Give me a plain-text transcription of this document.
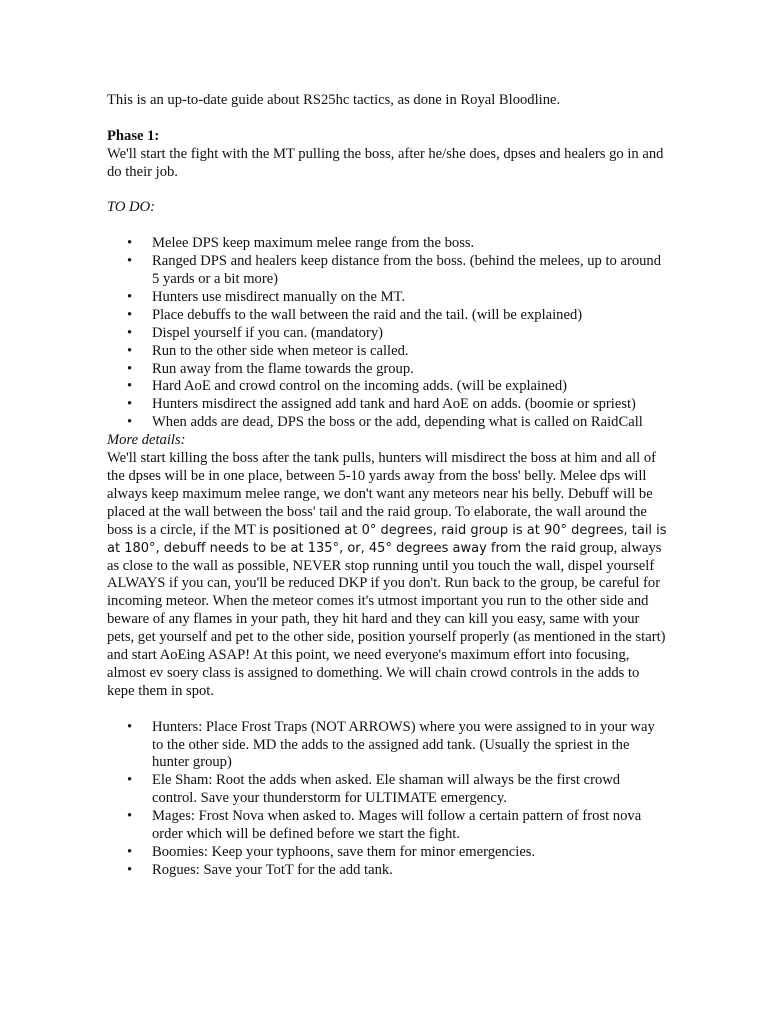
This is an up-to-date guide about RS25hc tactics, as done in Royal Bloodline.

Phase 1:

We'll start the fight with the MT pulling the boss, after he/she does, dpses and healers go in and do their job.

TO DO:

• Melee DPS keep maximum melee range from the boss.
• Ranged DPS and healers keep distance from the boss. (behind the melees, up to around 5 yards or a bit more)
• Hunters use misdirect manually on the MT.
• Place debuffs to the wall between the raid and the tail. (will be explained)
• Dispel yourself if you can. (mandatory)
• Run to the other side when meteor is called.
• Run away from the flame towards the group.
• Hard AoE and crowd control on the incoming adds. (will be explained)
• Hunters misdirect the assigned add tank and hard AoE on adds. (boomie or spriest)
• When adds are dead, DPS the boss or the add, depending what is called on RaidCall

More details:

We'll start killing the boss after the tank pulls, hunters will misdirect the boss at him and all of the dpses will be in one place, between 5-10 yards away from the boss' belly. Melee dps will always keep maximum melee range, we don't want any meteors near his belly. Debuff will be placed at the wall between the boss' tail and the raid group. To elaborate, the wall around the boss is a circle, if the MT is positioned at 0° degrees, raid group is at 90° degrees, tail is at 180°, debuff needs to be at 135°, or, 45° degrees away from the raid group, always as close to the wall as possible, NEVER stop running until you touch the wall, dispel yourself ALWAYS if you can, you'll be reduced DKP if you don't. Run back to the group, be careful for incoming meteor. When the meteor comes it's utmost important you run to the other side and beware of any flames in your path, they hit hard and they can kill you easy, same with your pets, get yourself and pet to the other side, position yourself properly (as mentioned in the start) and start AoEing ASAP! At this point, we need everyone's maximum effort into focusing, almost ev soery class is assigned to domething. We will chain crowd controls in the adds to kepe them in spot.

• Hunters: Place Frost Traps (NOT ARROWS) where you were assigned to in your way to the other side. MD the adds to the assigned add tank. (Usually the spriest in the hunter group)
• Ele Sham: Root the adds when asked. Ele shaman will always be the first crowd control. Save your thunderstorm for ULTIMATE emergency.
• Mages: Frost Nova when asked to. Mages will follow a certain pattern of frost nova order which will be defined before we start the fight.
• Boomies: Keep your typhoons, save them for minor emergencies.
• Rogues: Save your TotT for the add tank.
